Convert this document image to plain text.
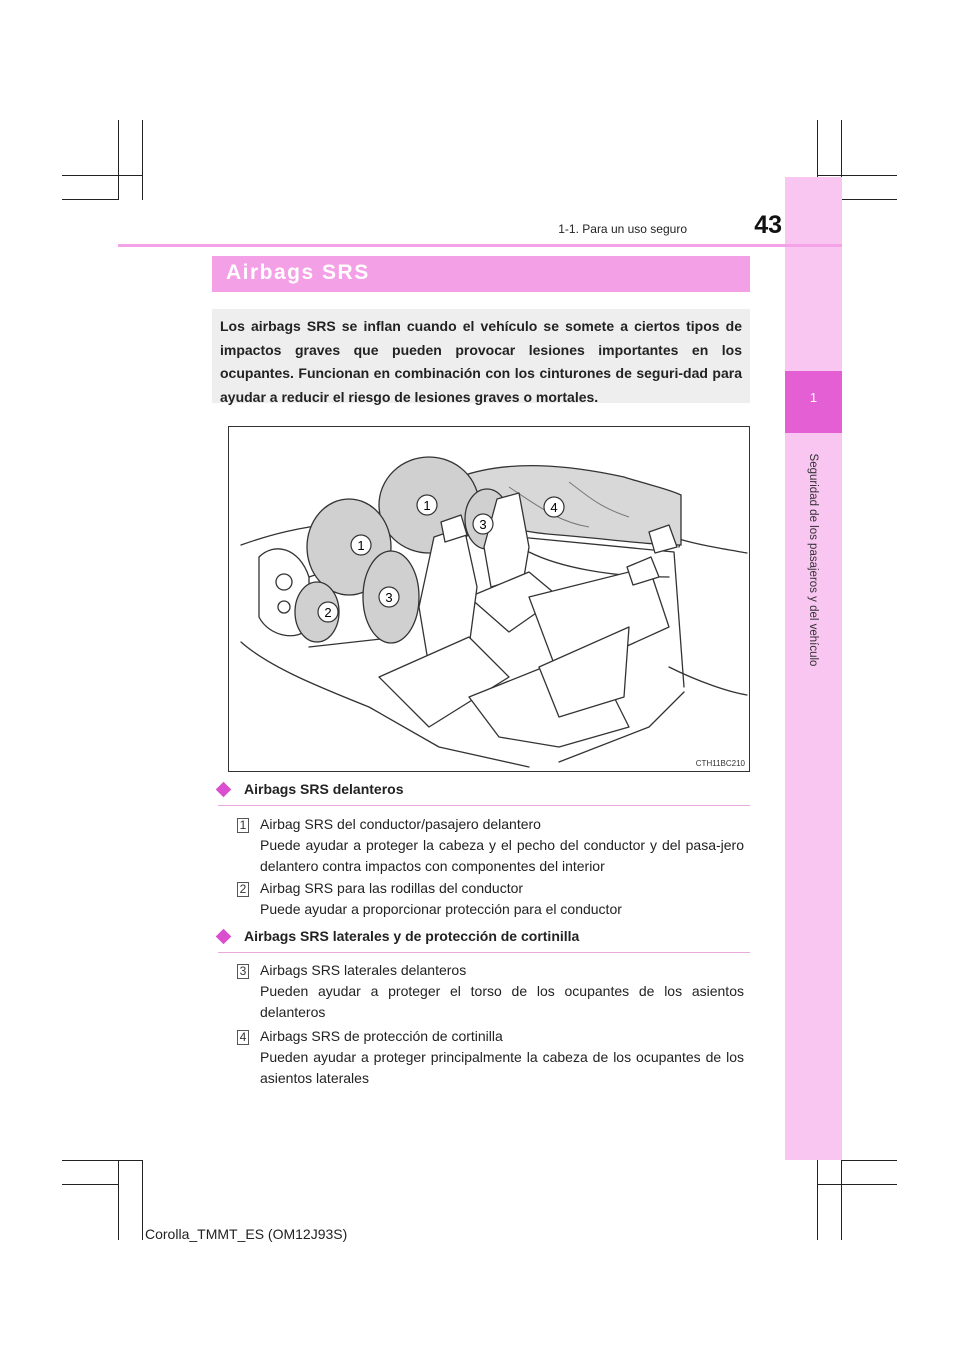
1
Seguridad de los pasajeros y del vehículo
1-1. Para un uso seguro	43
Airbags SRS

Los airbags SRS se inflan cuando el vehículo se somete a ciertos tipos de impactos graves que pueden provocar lesiones importantes en los ocupantes. Funcionan en combinación con los cinturones de seguri-dad para ayudar a reducir el riesgo de lesiones graves o mortales.

1
1
2
3
3
4
CTH11BC210
Airbags SRS delanteros
1 Airbag SRS del conductor/pasajero delantero
Puede ayudar a proteger la cabeza y el pecho del conductor y del pasa-jero delantero contra impactos con componentes del interior
2 Airbag SRS para las rodillas del conductor
Puede ayudar a proporcionar protección para el conductor
Airbags SRS laterales y de protección de cortinilla
3 Airbags SRS laterales delanteros
Pueden ayudar a proteger el torso de los ocupantes de los asientos delanteros
4 Airbags SRS de protección de cortinilla
Pueden ayudar a proteger principalmente la cabeza de los ocupantes de los asientos laterales
Corolla_TMMT_ES (OM12J93S)
